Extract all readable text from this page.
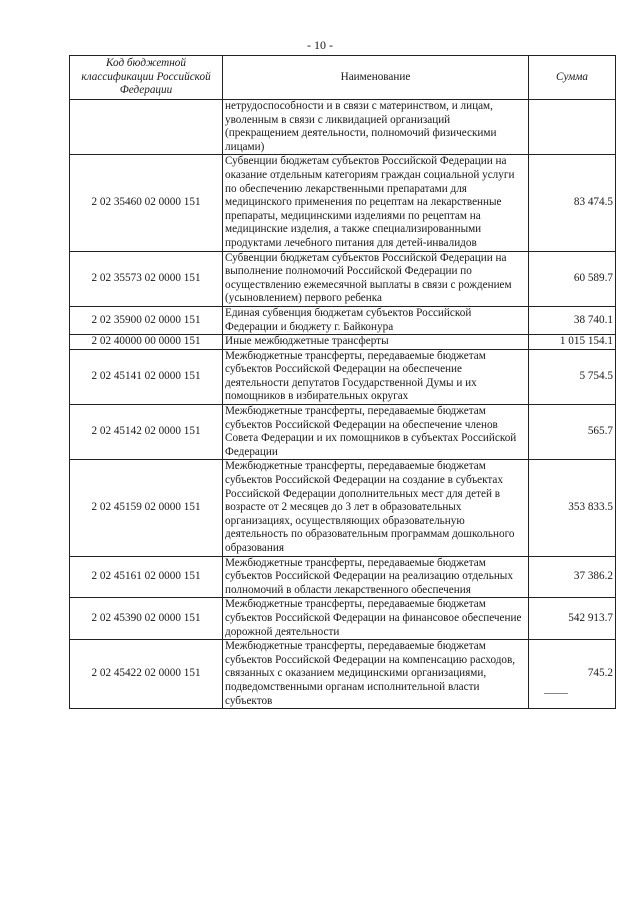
- 10 -
Код бюджетной классификации Российской Федерации	Наименование	Сумма
	нетрудоспособности и в связи с материнством, и лицам, уволенным в связи с ликвидацией организаций (прекращением деятельности, полномочий физическими лицами)	
2 02 35460 02 0000 151	Субвенции бюджетам субъектов Российской Федерации на оказание отдельным категориям граждан социальной услуги по обеспечению лекарственными препаратами для медицинского применения по рецептам на лекарственные препараты, медицинскими изделиями по рецептам на медицинские изделия, а также специализированными продуктами лечебного питания для детей-инвалидов	83 474.5
2 02 35573 02 0000 151	Субвенции бюджетам субъектов Российской Федерации на выполнение полномочий Российской Федерации по осуществлению ежемесячной выплаты в связи с рождением (усыновлением) первого ребенка	60 589.7
2 02 35900 02 0000 151	Единая субвенция бюджетам субъектов Российской Федерации и бюджету г. Байконура	38 740.1
2 02 40000 00 0000 151	Иные межбюджетные трансферты	1 015 154.1
2 02 45141 02 0000 151	Межбюджетные трансферты, передаваемые бюджетам субъектов Российской Федерации на обеспечение деятельности депутатов Государственной Думы и их помощников в избирательных округах	5 754.5
2 02 45142 02 0000 151	Межбюджетные трансферты, передаваемые бюджетам субъектов Российской Федерации на обеспечение членов Совета Федерации и их помощников в субъектах Российской Федерации	565.7
2 02 45159 02 0000 151	Межбюджетные трансферты, передаваемые бюджетам субъектов Российской Федерации на создание в субъектах Российской Федерации дополнительных мест для детей в возрасте от 2 месяцев до 3 лет в образовательных организациях, осуществляющих образовательную деятельность по образовательным программам дошкольного образования	353 833.5
2 02 45161 02 0000 151	Межбюджетные трансферты, передаваемые бюджетам субъектов Российской Федерации на реализацию отдельных полномочий в области лекарственного обеспечения	37 386.2
2 02 45390 02 0000 151	Межбюджетные трансферты, передаваемые бюджетам субъектов Российской Федерации на финансовое обеспечение дорожной деятельности	542 913.7
2 02 45422 02 0000 151	Межбюджетные трансферты, передаваемые бюджетам субъектов Российской Федерации на компенсацию расходов, связанных с оказанием медицинскими организациями, подведомственными органам исполнительной власти субъектов	745.2
